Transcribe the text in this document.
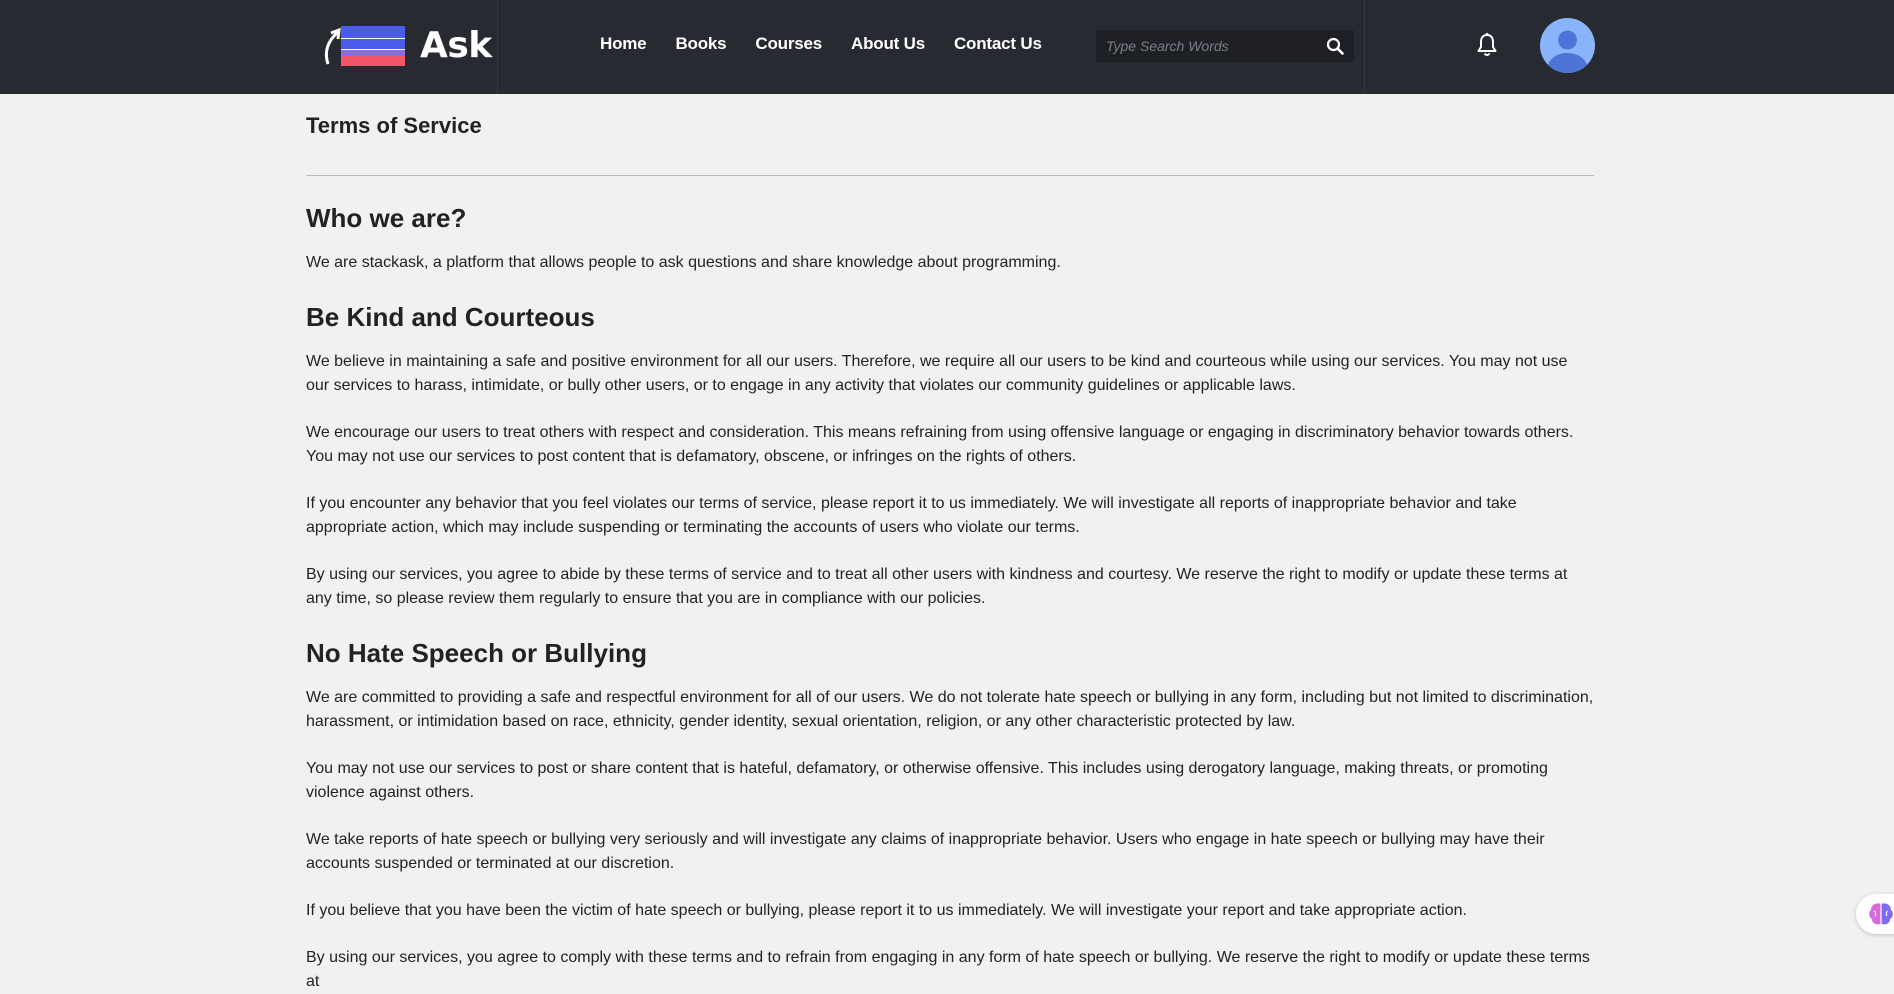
Ask	Home Books Courses About Us Contact Us
Type Search Words
Terms of Service
Who we are?

We are stackask, a platform that allows people to ask questions and share knowledge about programming.

Be Kind and Courteous

We believe in maintaining a safe and positive environment for all our users. Therefore, we require all our users to be kind and courteous while using our services. You may not use our services to harass, intimidate, or bully other users, or to engage in any activity that violates our community guidelines or applicable laws.

We encourage our users to treat others with respect and consideration. This means refraining from using offensive language or engaging in discriminatory behavior towards others. You may not use our services to post content that is defamatory, obscene, or infringes on the rights of others.

If you encounter any behavior that you feel violates our terms of service, please report it to us immediately. We will investigate all reports of inappropriate behavior and take appropriate action, which may include suspending or terminating the accounts of users who violate our terms.

By using our services, you agree to abide by these terms of service and to treat all other users with kindness and courtesy. We reserve the right to modify or update these terms at any time, so please review them regularly to ensure that you are in compliance with our policies.

No Hate Speech or Bullying

We are committed to providing a safe and respectful environment for all of our users. We do not tolerate hate speech or bullying in any form, including but not limited to discrimination, harassment, or intimidation based on race, ethnicity, gender identity, sexual orientation, religion, or any other characteristic protected by law.

You may not use our services to post or share content that is hateful, defamatory, or otherwise offensive. This includes using derogatory language, making threats, or promoting violence against others.

We take reports of hate speech or bullying very seriously and will investigate any claims of inappropriate behavior. Users who engage in hate speech or bullying may have their accounts suspended or terminated at our discretion.

If you believe that you have been the victim of hate speech or bullying, please report it to us immediately. We will investigate your report and take appropriate action.

By using our services, you agree to comply with these terms and to refrain from engaging in any form of hate speech or bullying. We reserve the right to modify or update these terms at
